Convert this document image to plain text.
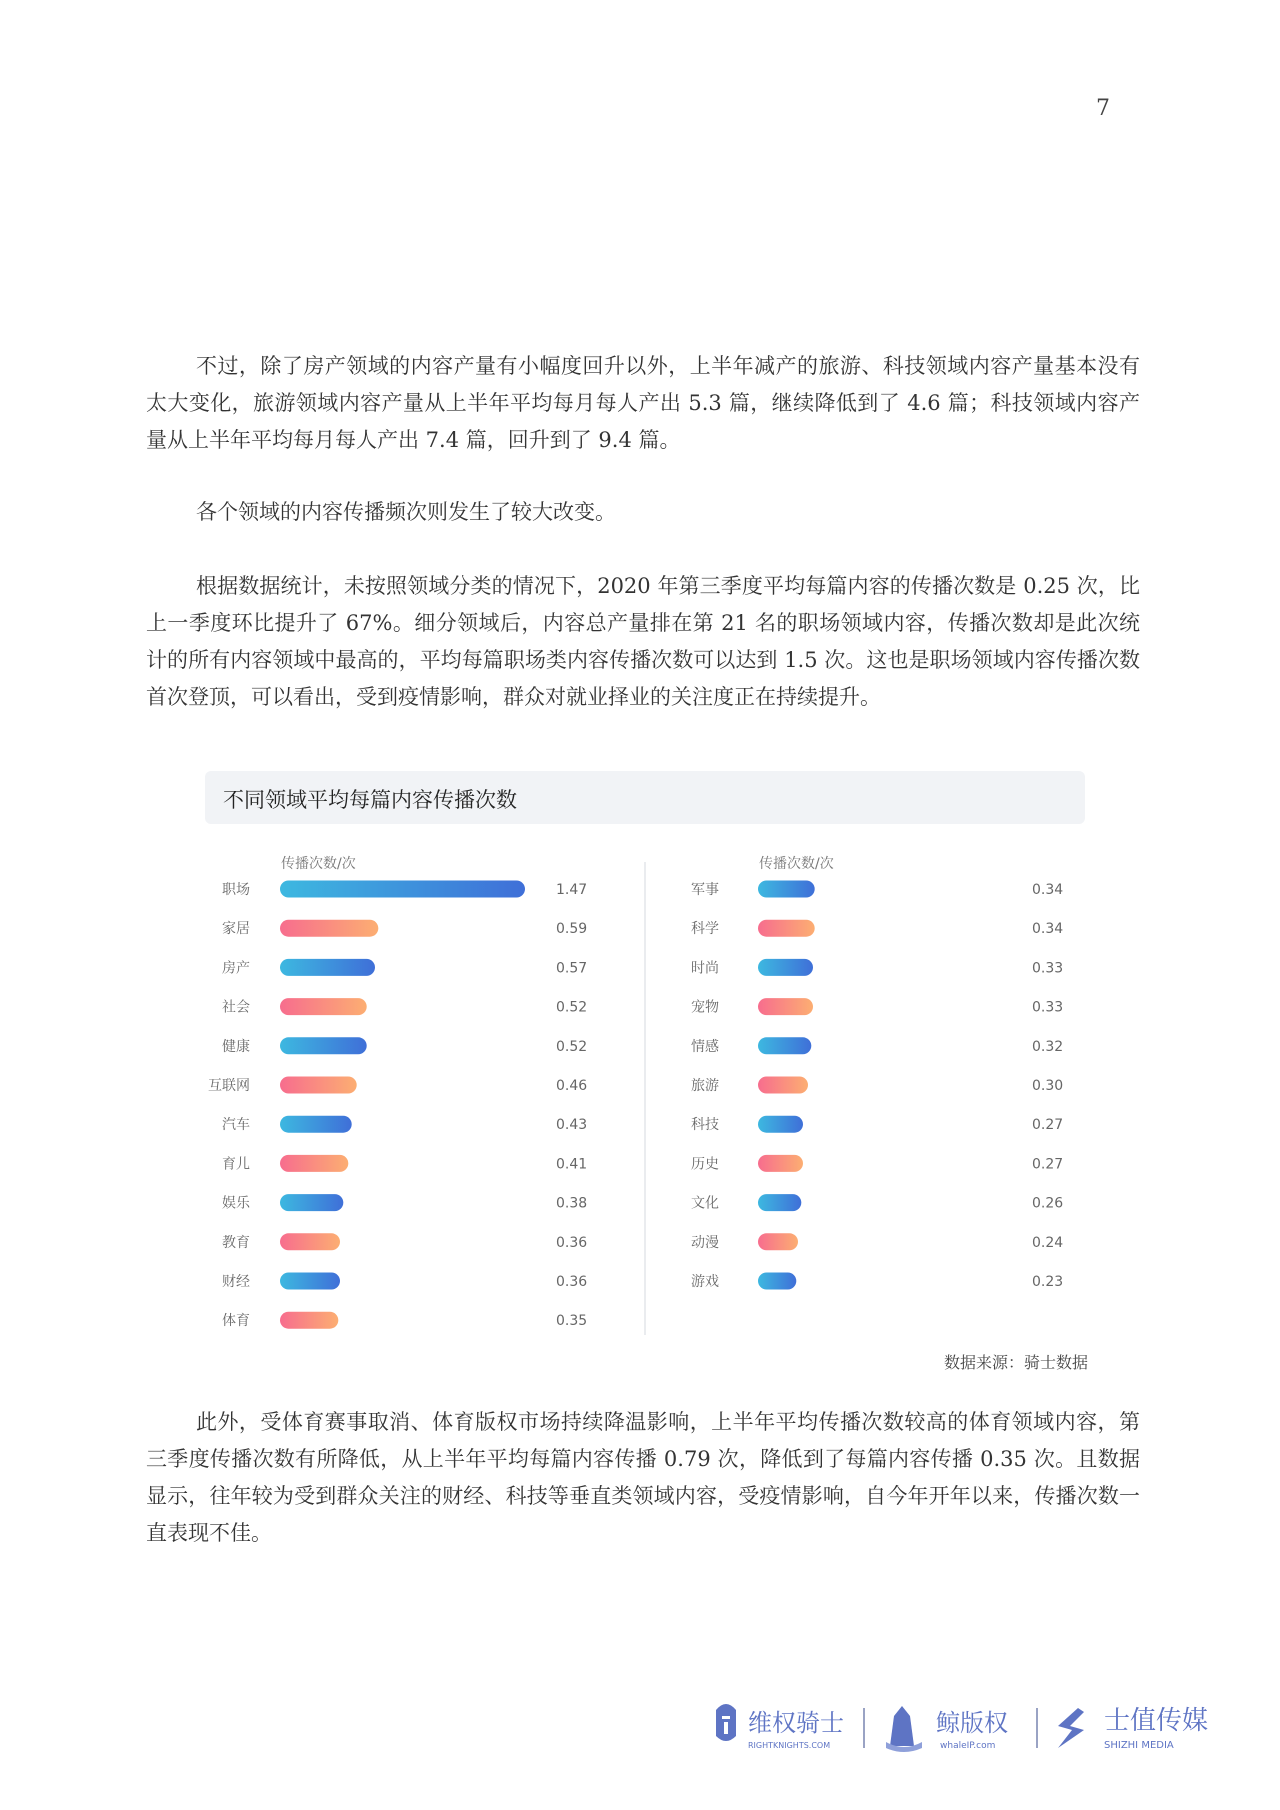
7

不过，除了房产领域的内容产量有小幅度回升以外，上半年减产的旅游、科技领域内容产量基本没有太大变化，旅游领域内容产量从上半年平均每月每人产出 5.3 篇，继续降低到了 4.6 篇；科技领域内容产量从上半年平均每月每人产出 7.4 篇，回升到了 9.4 篇。

各个领域的内容传播频次则发生了较大改变。

根据数据统计，未按照领域分类的情况下，2020 年第三季度平均每篇内容的传播次数是 0.25 次，比上一季度环比提升了 67%。细分领域后，内容总产量排在第 21 名的职场领域内容，传播次数却是此次统计的所有内容领域中最高的，平均每篇职场类内容传播次数可以达到 1.5 次。这也是职场领域内容传播次数首次登顶，可以看出，受到疫情影响，群众对就业择业的关注度正在持续提升。

不同领域平均每篇内容传播次数
传播次数/次
职场	1.47
家居	0.59
房产	0.57
社会	0.52
健康	0.52
互联网	0.46
汽车	0.43
育儿	0.41
娱乐	0.38
教育	0.36
财经	0.36
体育	0.35
传播次数/次
军事	0.34
科学	0.34
时尚	0.33
宠物	0.33
情感	0.32
旅游	0.30
科技	0.27
历史	0.27
文化	0.26
动漫	0.24
游戏	0.23
数据来源：骑士数据

此外，受体育赛事取消、体育版权市场持续降温影响，上半年平均传播次数较高的体育领域内容，第三季度传播次数有所降低，从上半年平均每篇内容传播 0.79 次，降低到了每篇内容传播 0.35 次。且数据显示，往年较为受到群众关注的财经、科技等垂直类领域内容，受疫情影响，自今年开年以来，传播次数一直表现不佳。

维权骑士
RIGHTKNIGHTS.COM
鲸版权
whaleIP.com
士值传媒
SHIZHI MEDIA
